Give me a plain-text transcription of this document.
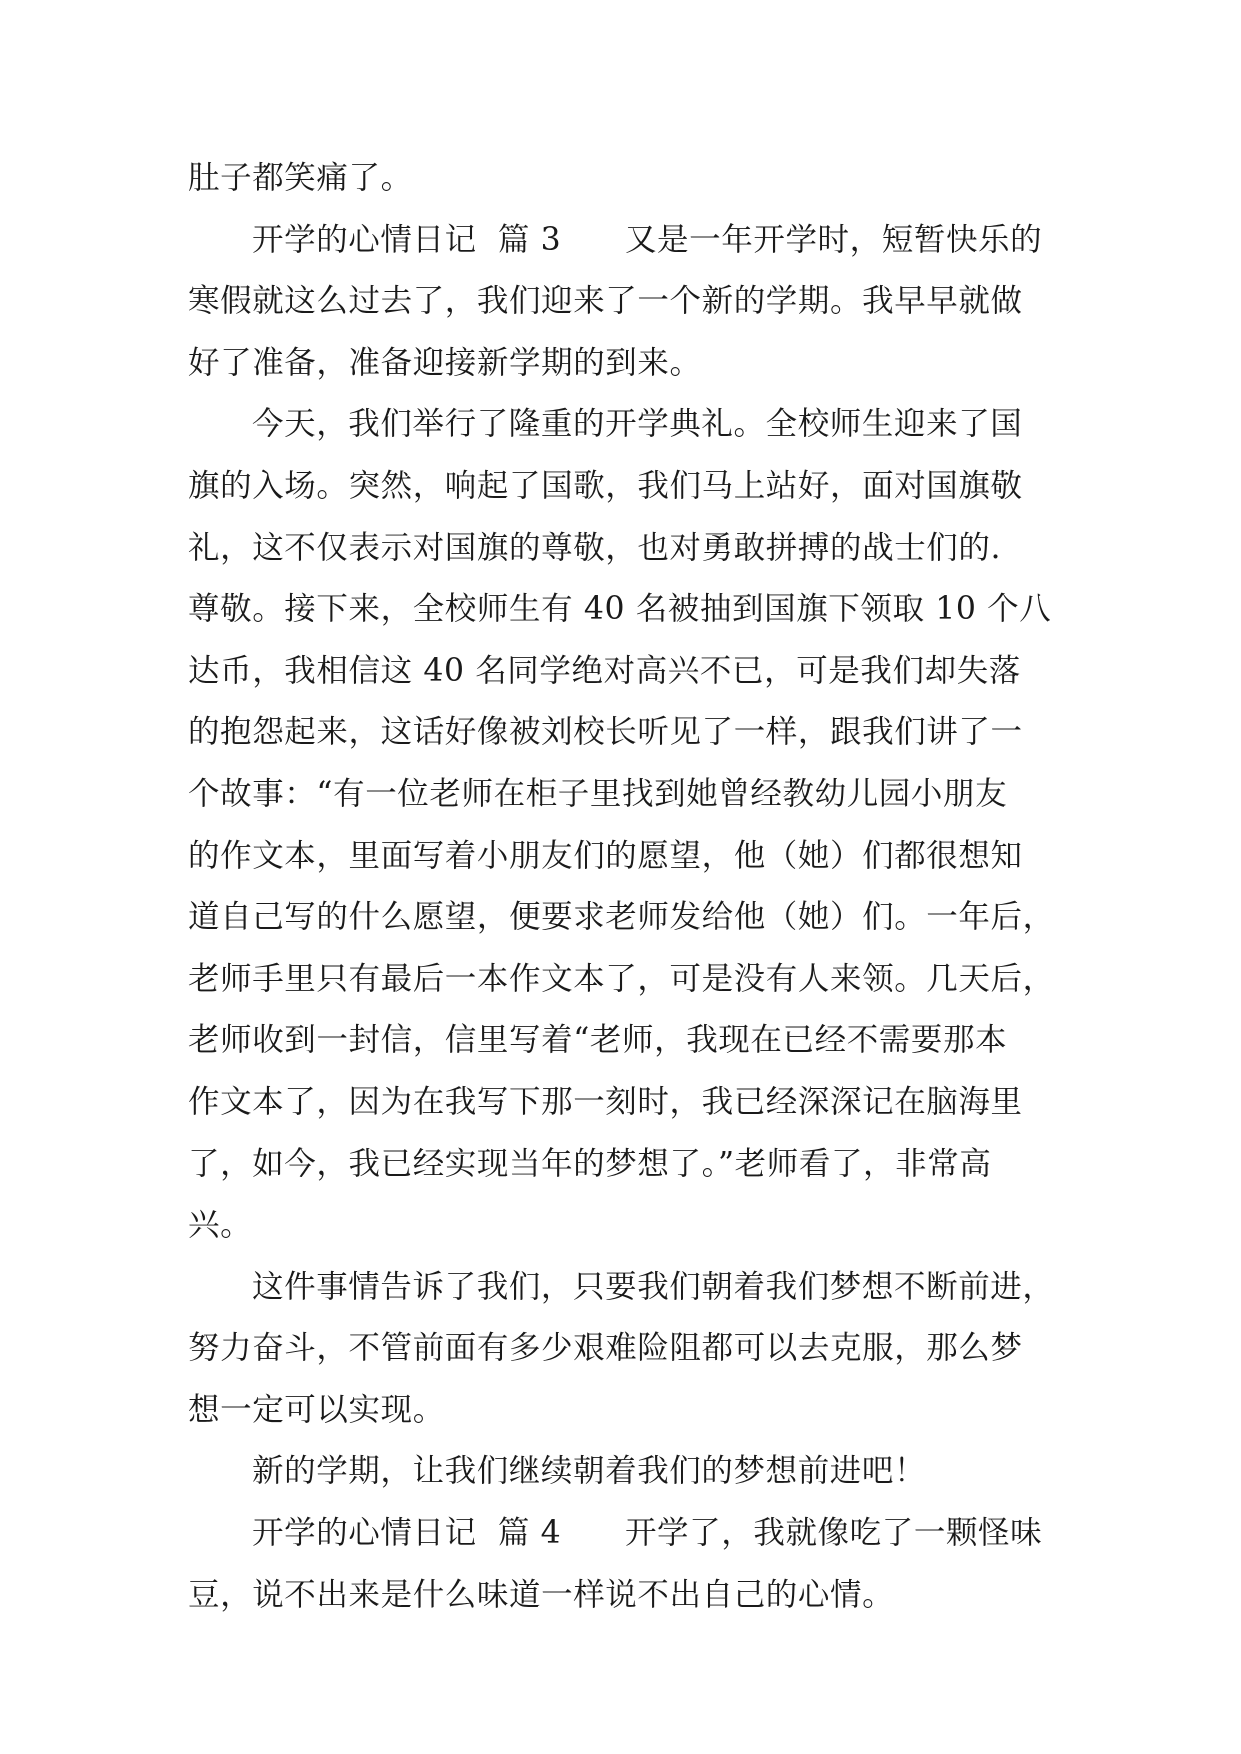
肚子都笑痛了。
开学的心情日记  篇 3      又是一年开学时，短暂快乐的
寒假就这么过去了，我们迎来了一个新的学期。我早早就做
好了准备，准备迎接新学期的到来。
今天，我们举行了隆重的开学典礼。全校师生迎来了国
旗的入场。突然，响起了国歌，我们马上站好，面对国旗敬
礼，这不仅表示对国旗的尊敬，也对勇敢拼搏的战士们的.
尊敬。接下来，全校师生有 40 名被抽到国旗下领取 10 个八
达币，我相信这 40 名同学绝对高兴不已，可是我们却失落
的抱怨起来，这话好像被刘校长听见了一样，跟我们讲了一
个故事：“有一位老师在柜子里找到她曾经教幼儿园小朋友
的作文本，里面写着小朋友们的愿望，他（她）们都很想知
道自己写的什么愿望，便要求老师发给他（她）们。一年后，
老师手里只有最后一本作文本了，可是没有人来领。几天后，
老师收到一封信，信里写着“老师，我现在已经不需要那本
作文本了，因为在我写下那一刻时，我已经深深记在脑海里
了，如今，我已经实现当年的梦想了。”老师看了，非常高
兴。
这件事情告诉了我们，只要我们朝着我们梦想不断前进，
努力奋斗，不管前面有多少艰难险阻都可以去克服，那么梦
想一定可以实现。
新的学期，让我们继续朝着我们的梦想前进吧！
开学的心情日记  篇 4      开学了，我就像吃了一颗怪味
豆，说不出来是什么味道一样说不出自己的心情。
